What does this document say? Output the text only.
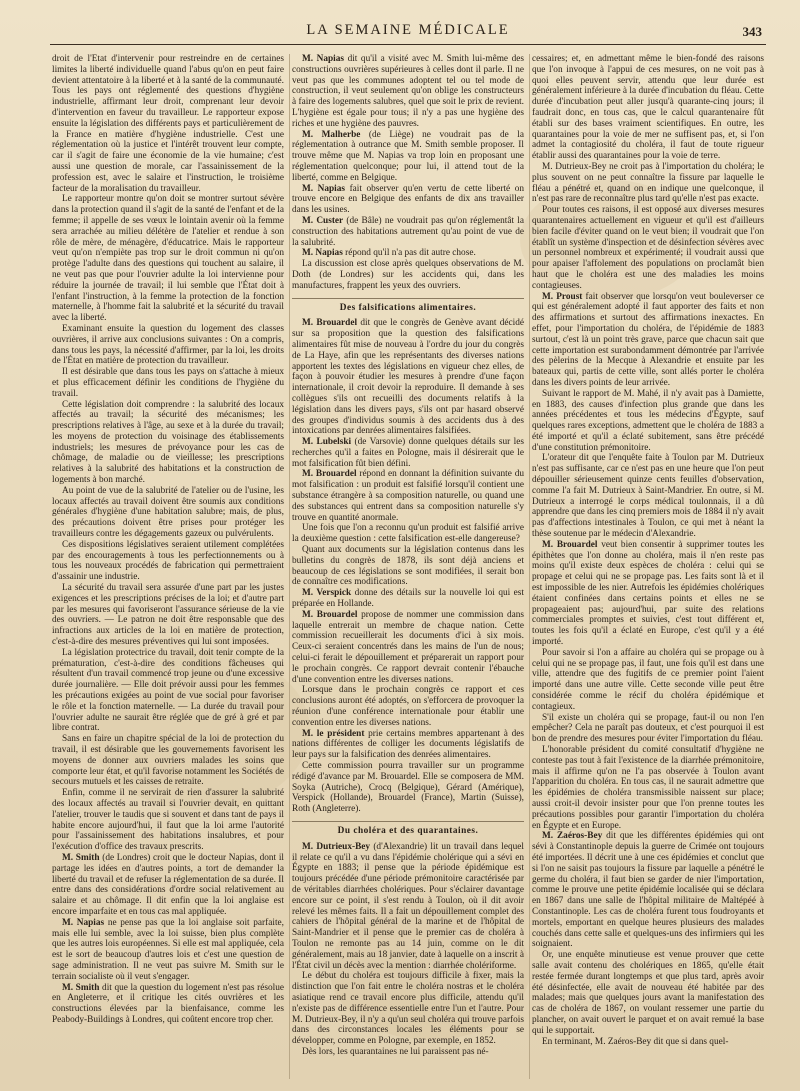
LA SEMAINE MÉDICALE	343

droit de l'État d'intervenir pour restreindre en de certaines limites la liberté individuelle quand l'abus qu'on en peut faire devient attentatoire à la liberté et à la santé de la communauté. Tous les pays ont réglementé des questions d'hygiène industrielle, affirmant leur droit, comprenant leur devoir d'intervention en faveur du travailleur. Le rapporteur expose ensuite la législation des différents pays et particulièrement de la France en matière d'hygiène industrielle. C'est une réglementation où la justice et l'intérêt trouvent leur compte, car il s'agit de faire une économie de la vie humaine; c'est aussi une question de morale, car l'assainissement de la profession est, avec le salaire et l'instruction, le troisième facteur de la moralisation du travailleur.

Le rapporteur montre qu'on doit se montrer surtout sévère dans la protection quand il s'agit de la santé de l'enfant et de la femme; il appelle de ses vœux le lointain avenir où la femme sera arrachée au milieu délétère de l'atelier et rendue à son rôle de mère, de ménagère, d'éducatrice. Mais le rapporteur veut qu'on n'empiète pas trop sur le droit commun ni qu'on protège l'adulte dans des questions qui touchent au salaire, il ne veut pas que pour l'ouvrier adulte la loi intervienne pour réduire la journée de travail; il lui semble que l'État doit à l'enfant l'instruction, à la femme la protection de la fonction maternelle, à l'homme fait la salubrité et la sécurité du travail avec la liberté.

Examinant ensuite la question du logement des classes ouvrières, il arrive aux conclusions suivantes : On a compris, dans tous les pays, la nécessité d'affirmer, par la loi, les droits de l'État en matière de protection du travailleur.

Il est désirable que dans tous les pays on s'attache à mieux et plus efficacement définir les conditions de l'hygiène du travail.

Cette législation doit comprendre : la salubrité des locaux affectés au travail; la sécurité des mécanismes; les prescriptions relatives à l'âge, au sexe et à la durée du travail; les moyens de protection du voisinage des établissements industriels; les mesures de prévoyance pour les cas de chômage, de maladie ou de vieillesse; les prescriptions relatives à la salubrité des habitations et la construction de logements à bon marché.

Au point de vue de la salubrité de l'atelier ou de l'usine, les locaux affectés au travail doivent être soumis aux conditions générales d'hygiène d'une habitation salubre; mais, de plus, des précautions doivent être prises pour protéger les travailleurs contre les dégagements gazeux ou pulvérulents.

Ces dispositions législatives seraient utilement complétées par des encouragements à tous les perfectionnements ou à tous les nouveaux procédés de fabrication qui permettraient d'assainir une industrie.

La sécurité du travail sera assurée d'une part par les justes exigences et les prescriptions précises de la loi; et d'autre part par les mesures qui favoriseront l'assurance sérieuse de la vie des ouvriers. — Le patron ne doit être responsable que des infractions aux articles de la loi en matière de protection, c'est-à-dire des mesures préventives qui lui sont imposées.

La législation protectrice du travail, doit tenir compte de la prématuration, c'est-à-dire des conditions fâcheuses qui résultent d'un travail commencé trop jeune ou d'une excessive durée journalière. — Elle doit prévoir aussi pour les femmes les précautions exigées au point de vue social pour favoriser le rôle et la fonction maternelle. — La durée du travail pour l'ouvrier adulte ne saurait être réglée que de gré à gré et par libre contrat.

Sans en faire un chapitre spécial de la loi de protection du travail, il est désirable que les gouvernements favorisent les moyens de donner aux ouvriers malades les soins que comporte leur état, et qu'il favorise notamment les Sociétés de secours mutuels et les caisses de retraite.

Enfin, comme il ne servirait de rien d'assurer la salubrité des locaux affectés au travail si l'ouvrier devait, en quittant l'atelier, trouver le taudis que si souvent et dans tant de pays il habite encore aujourd'hui, il faut que la loi arme l'autorité pour l'assainissement des habitations insalubres, et pour l'exécution d'office des travaux prescrits.

M. Smith (de Londres) croit que le docteur Napias, dont il partage les idées en d'autres points, a tort de demander la liberté du travail et de refuser la réglementation de sa durée. Il entre dans des considérations d'ordre social relativement au salaire et au chômage. Il dit enfin que la loi anglaise est encore imparfaite et en tous cas mal appliquée.

M. Napias ne pense pas que la loi anglaise soit parfaite, mais elle lui semble, avec la loi suisse, bien plus complète que les autres lois européennes. Si elle est mal appliquée, cela est le sort de beaucoup d'autres lois et c'est une question de sage administration. Il ne veut pas suivre M. Smith sur le terrain socialiste où il veut s'engager.

M. Smith dit que la question du logement n'est pas résolue en Angleterre, et il critique les cités ouvrières et les constructions élevées par la bienfaisance, comme les Peabody-Buildings à Londres, qui coûtent encore trop cher.

M. Napias dit qu'il a visité avec M. Smith lui-même des constructions ouvrières supérieures à celles dont il parle. Il ne veut pas que les communes adoptent tel ou tel mode de construction, il veut seulement qu'on oblige les constructeurs à faire des logements salubres, quel que soit le prix de revient. L'hygiène est égale pour tous; il n'y a pas une hygiène des riches et une hygiène des pauvres.

M. Malherbe (de Liège) ne voudrait pas de la réglementation à outrance que M. Smith semble proposer. Il trouve même que M. Napias va trop loin en proposant une réglementation quelconque; pour lui, il attend tout de la liberté, comme en Belgique.

M. Napias fait observer qu'en vertu de cette liberté on trouve encore en Belgique des enfants de dix ans travailler dans les usines.

M. Custer (de Bâle) ne voudrait pas qu'on réglementât la construction des habitations autrement qu'au point de vue de la salubrité.

M. Napias répond qu'il n'a pas dit autre chose.

La discussion est close après quelques observations de M. Doth (de Londres) sur les accidents qui, dans les manufactures, frappent les yeux des ouvriers.

Des falsifications alimentaires.

M. Brouardel dit que le congrès de Genève avant décidé sur sa proposition que la question des falsifications alimentaires fût mise de nouveau à l'ordre du jour du congrès de La Haye, afin que les représentants des diverses nations apportent les textes des législations en vigueur chez elles, de façon à pouvoir étudier les mesures à prendre d'une façon internationale, il croit devoir la reproduire. Il demande à ses collègues s'ils ont recueilli des documents relatifs à la législation dans les divers pays, s'ils ont par hasard observé des groupes d'individus soumis à des accidents dus à des intoxications par denrées alimentaires falsifiées.

M. Lubelski (de Varsovie) donne quelques détails sur les recherches qu'il a faites en Pologne, mais il désirerait que le mot falsification fût bien défini.

M. Brouardel répond en donnant la définition suivante du mot falsification : un produit est falsifié lorsqu'il contient une substance étrangère à sa composition naturelle, ou quand une des substances qui entrent dans sa composition naturelle s'y trouve en quantité anormale.

Une fois que l'on a reconnu qu'un produit est falsifié arrive la deuxième question : cette falsification est-elle dangereuse?

Quant aux documents sur la législation contenus dans les bulletins du congrès de 1878, ils sont déjà anciens et beaucoup de ces législations se sont modifiées, il serait bon de connaître ces modifications.

M. Verspick donne des détails sur la nouvelle loi qui est préparée en Hollande.

M. Brouardel propose de nommer une commission dans laquelle entrerait un membre de chaque nation. Cette commission recueillerait les documents d'ici à six mois. Ceux-ci seraient concentrés dans les mains de l'un de nous; celui-ci ferait le dépouillement et préparerait un rapport pour le prochain congrès. Ce rapport devrait contenir l'ébauche d'une convention entre les diverses nations.

Lorsque dans le prochain congrès ce rapport et ces conclusions auront été adoptés, on s'efforcera de provoquer la réunion d'une conférence internationale pour établir une convention entre les diverses nations.

M. le président prie certains membres appartenant à des nations différentes de colliger les documents législatifs de leur pays sur la falsification des denrées alimentaires.

Cette commission pourra travailler sur un programme rédigé d'avance par M. Brouardel. Elle se composera de MM. Soyka (Autriche), Crocq (Belgique), Gérard (Amérique), Verspick (Hollande), Brouardel (France), Martin (Suisse), Roth (Angleterre).

Du choléra et des quarantaines.

M. Dutrieux-Bey (d'Alexandrie) lit un travail dans lequel il relate ce qu'il a vu dans l'épidémie cholérique qui a sévi en Égypte en 1883; il pense que la période épidémique est toujours précédée d'une période prémonitoire caractérisée par de véritables diarrhées cholériques. Pour s'éclairer davantage encore sur ce point, il s'est rendu à Toulon, où il dit avoir relevé les mêmes faits. Il a fait un dépouillement complet des cahiers de l'hôpital général de la marine et de l'hôpital de Saint-Mandrier et il pense que le premier cas de choléra à Toulon ne remonte pas au 14 juin, comme on le dit généralement, mais au 18 janvier, date à laquelle on a inscrit à l'État civil un décès avec la mention : diarrhée cholériforme.

Le début du choléra est toujours difficile à fixer, mais la distinction que l'on fait entre le choléra nostras et le choléra asiatique rend ce travail encore plus difficile, attendu qu'il n'existe pas de différence essentielle entre l'un et l'autre. Pour M. Dutrieux-Bey, il n'y a qu'un seul choléra qui trouve parfois dans des circonstances locales les éléments pour se développer, comme en Pologne, par exemple, en 1852.

Dès lors, les quarantaines ne lui paraissent pas né-

cessaires; et, en admettant même le bien-fondé des raisons que l'on invoque à l'appui de ces mesures, on ne voit pas à quoi elles peuvent servir, attendu que leur durée est généralement inférieure à la durée d'incubation du fléau. Cette durée d'incubation peut aller jusqu'à quarante-cinq jours; il faudrait donc, en tous cas, que le calcul quarantenaire fût établi sur des bases vraiment scientifiques. En outre, les quarantaines pour la voie de mer ne suffisent pas, et, si l'on admet la contagiosité du choléra, il faut de toute rigueur établir aussi des quarantaines pour la voie de terre.

M. Dutrieux-Bey ne croit pas à l'importation du choléra; le plus souvent on ne peut connaître la fissure par laquelle le fléau a pénétré et, quand on en indique une quelconque, il n'est pas rare de reconnaître plus tard qu'elle n'est pas exacte.

Pour toutes ces raisons, il est opposé aux diverses mesures quarantenaires actuellement en vigueur et qu'il est d'ailleurs bien facile d'éviter quand on le veut bien; il voudrait que l'on établît un système d'inspection et de désinfection sévères avec un personnel nombreux et expérimenté; il voudrait aussi que pour apaiser l'affolement des populations on proclamât bien haut que le choléra est une des maladies les moins contagieuses.

M. Proust fait observer que lorsqu'on veut bouleverser ce qui est généralement adopté il faut apporter des faits et non des affirmations et surtout des affirmations inexactes. En effet, pour l'importation du choléra, de l'épidémie de 1883 surtout, c'est là un point très grave, parce que chacun sait que cette importation est surabondamment démontrée par l'arrivée des pèlerins de la Mecque à Alexandrie et ensuite par les bateaux qui, partis de cette ville, sont allés porter le choléra dans les divers points de leur arrivée.

Suivant le rapport de M. Mahé, il n'y avait pas à Damiette, en 1883, des causes d'infection plus grande que dans les années précédentes et tous les médecins d'Égypte, sauf quelques rares exceptions, admettent que le choléra de 1883 a été importé et qu'il a éclaté subitement, sans être précédé d'une constitution prémonitoire.

L'orateur dit que l'enquête faite à Toulon par M. Dutrieux n'est pas suffisante, car ce n'est pas en une heure que l'on peut dépouiller sérieusement quinze cents feuilles d'observation, comme l'a fait M. Dutrieux à Saint-Mandrier. En outre, si M. Dutrieux a interrogé le corps médical toulonnais, il a dû apprendre que dans les cinq premiers mois de 1884 il n'y avait pas d'affections intestinales à Toulon, ce qui met à néant la thèse soutenue par le médecin d'Alexandrie.

M. Brouardel veut bien consentir à supprimer toutes les épithètes que l'on donne au choléra, mais il n'en reste pas moins qu'il existe deux espèces de choléra : celui qui se propage et celui qui ne se propage pas. Les faits sont là et il est impossible de les nier. Autrefois les épidémies cholériques étaient confinées dans certains points et elles ne se propageaient pas; aujourd'hui, par suite des relations commerciales promptes et suivies, c'est tout différent et, toutes les fois qu'il a éclaté en Europe, c'est qu'il y a été importé.

Pour savoir si l'on a affaire au choléra qui se propage ou à celui qui ne se propage pas, il faut, une fois qu'il est dans une ville, attendre que des fugitifs de ce premier point l'aient importé dans une autre ville. Cette seconde ville peut être considérée comme le récif du choléra épidémique et contagieux.

S'il existe un choléra qui se propage, faut-il ou non l'en empêcher? Cela ne paraît pas douteux, et c'est pourquoi il est bon de prendre des mesures pour éviter l'importation du fléau.

L'honorable président du comité consultatif d'hygiène ne conteste pas tout à fait l'existence de la diarrhée prémonitoire, mais il affirme qu'on ne l'a pas observée à Toulon avant l'apparition du choléra. En tous cas, il ne saurait admettre que les épidémies de choléra transmissible naissent sur place; aussi croit-il devoir insister pour que l'on prenne toutes les précautions possibles pour garantir l'importation du choléra en Égypte et en Europe.

M. Zaéros-Bey dit que les différentes épidémies qui ont sévi à Constantinople depuis la guerre de Crimée ont toujours été importées. Il décrit une à une ces épidémies et conclut que si l'on ne saisit pas toujours la fissure par laquelle a pénétré le germe du choléra, il faut bien se garder de nier l'importation, comme le prouve une petite épidémie localisée qui se déclara en 1867 dans une salle de l'hôpital militaire de Maltépéé à Constantinople. Les cas de choléra furent tous foudroyants et mortels, emportant en quelque heures plusieurs des malades couchés dans cette salle et quelques-uns des infirmiers qui les soignaient.

Or, une enquête minutieuse est venue prouver que cette salle avait contenu des cholériques en 1865, qu'elle était restée fermée durant longtemps et que plus tard, après avoir été désinfectée, elle avait de nouveau été habitée par des malades; mais que quelques jours avant la manifestation des cas de choléra de 1867, on voulant ressemer une partie du plancher, on avait ouvert le parquet et on avait remué la base qui le supportait.

En terminant, M. Zaéros-Bey dit que si dans quel-
